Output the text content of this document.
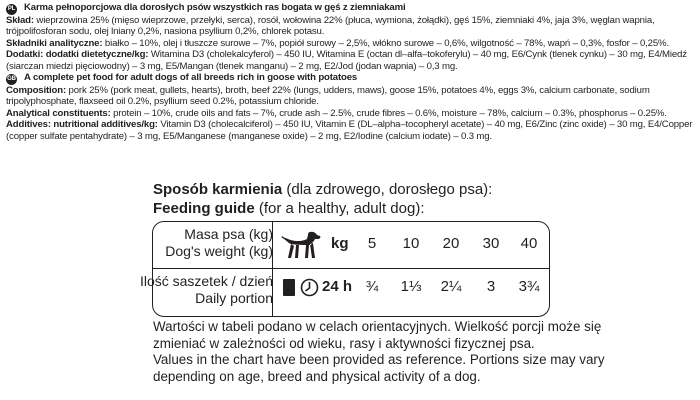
PL Karma pełnoporcjowa dla dorosłych psów wszystkich ras bogata w gęś z ziemniakami

Skład: wieprzowina 25% (mięso wieprzowe, przełyki, serca), rosół, wołowina 22% (płuca, wymiona, żołądki), gęś 15%, ziemniaki 4%, jaja 3%, węglan wapnia, trójpolifosforan sodu, olej lniany 0,2%, nasiona psyllium 0,2%, chlorek potasu.

Składniki analityczne: białko – 10%, olej i tłuszcze surowe – 7%, popiół surowy – 2,5%, włókno surowe – 0,6%, wilgotność – 78%, wapń – 0,3%, fosfor – 0,25%.

Dodatki: dodatki dietetyczne/kg: Witamina D3 (cholekalcyferol) – 450 IU, Witamina E (octan dl–alfa–tokoferylu) – 40 mg, E6/Cynk (tlenek cynku) – 30 mg, E4/Miedź (siarczan miedzi pięciowodny) – 3 mg, E5/Mangan (tlenek manganu) – 2 mg, E2/Jod (jodan wapnia) – 0,3 mg.

GB A complete pet food for adult dogs of all breeds rich in goose with potatoes

Composition: pork 25% (pork meat, gullets, hearts), broth, beef 22% (lungs, udders, maws), goose 15%, potatoes 4%, eggs 3%, calcium carbonate, sodium tripolyphosphate, flaxseed oil 0.2%, psyllium seed 0.2%, potassium chloride.

Analytical constituents: protein – 10%, crude oils and fats – 7%, crude ash – 2.5%, crude fibres – 0.6%, moisture – 78%, calcium – 0.3%, phosphorus – 0.25%.

Additives: nutritional additives/kg: Vitamin D3 (cholecalciferol) – 450 IU, Vitamin E (DL–alpha–tocopheryl acetate) – 40 mg, E6/Zinc (zinc oxide) – 30 mg, E4/Copper (copper sulfate pentahydrate) – 3 mg, E5/Manganese (manganese oxide) – 2 mg, E2/Iodine (calcium iodate) – 0.3 mg.

Sposób karmienia (dla zdrowego, dorosłego psa):
Feeding guide (for a healthy, adult dog):
Masa psa (kg)
Dog's weight (kg)	kg	5	10	20	30	40
Ilość saszetek / dzień
Daily portion
24 h ¾	1⅓	2¼	3	3¾

Wartości w tabeli podano w celach orientacyjnych. Wielkość porcji może się zmieniać w zależności od wieku, rasy i aktywności fizycznej psa.

Values in the chart have been provided as reference. Portions size may vary depending on age, breed and physical activity of a dog.
